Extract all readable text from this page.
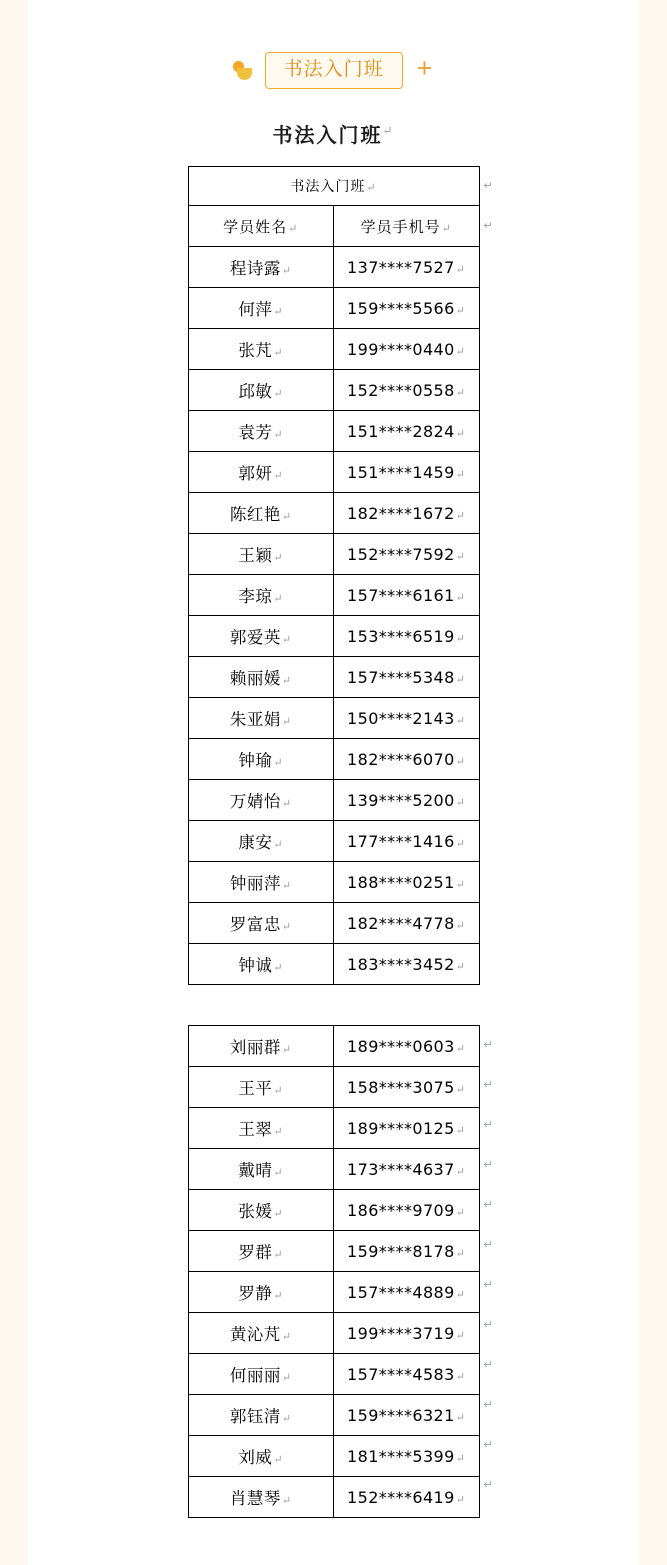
书法入门班	+
书法入门班↵
书法入门班↵	
学员姓名↵	学员手机号↵
程诗露↵	137****7527↵
何萍↵	159****5566↵
张芃↵	199****0440↵
邱敏↵	152****0558↵
袁芳↵	151****2824↵
郭妍↵	151****1459↵
陈红艳↵	182****1672↵
王颖↵	152****7592↵
李琼↵	157****6161↵
郭爱英↵	153****6519↵
赖丽媛↵	157****5348↵
朱亚娟↵	150****2143↵
钟瑜↵	182****6070↵
万婧怡↵	139****5200↵
康安↵	177****1416↵
钟丽萍↵	188****0251↵
罗富忠↵	182****4778↵
钟诚↵	183****3452↵
↵
↵
刘丽群↵	189****0603↵
王平↵	158****3075↵
王翠↵	189****0125↵
戴晴↵	173****4637↵
张媛↵	186****9709↵
罗群↵	159****8178↵
罗静↵	157****4889↵
黄沁芃↵	199****3719↵
何丽丽↵	157****4583↵
郭钰清↵	159****6321↵
刘威↵	181****5399↵
肖慧琴↵	152****6419↵
↵
↵
↵
↵
↵
↵
↵
↵
↵
↵
↵
↵
